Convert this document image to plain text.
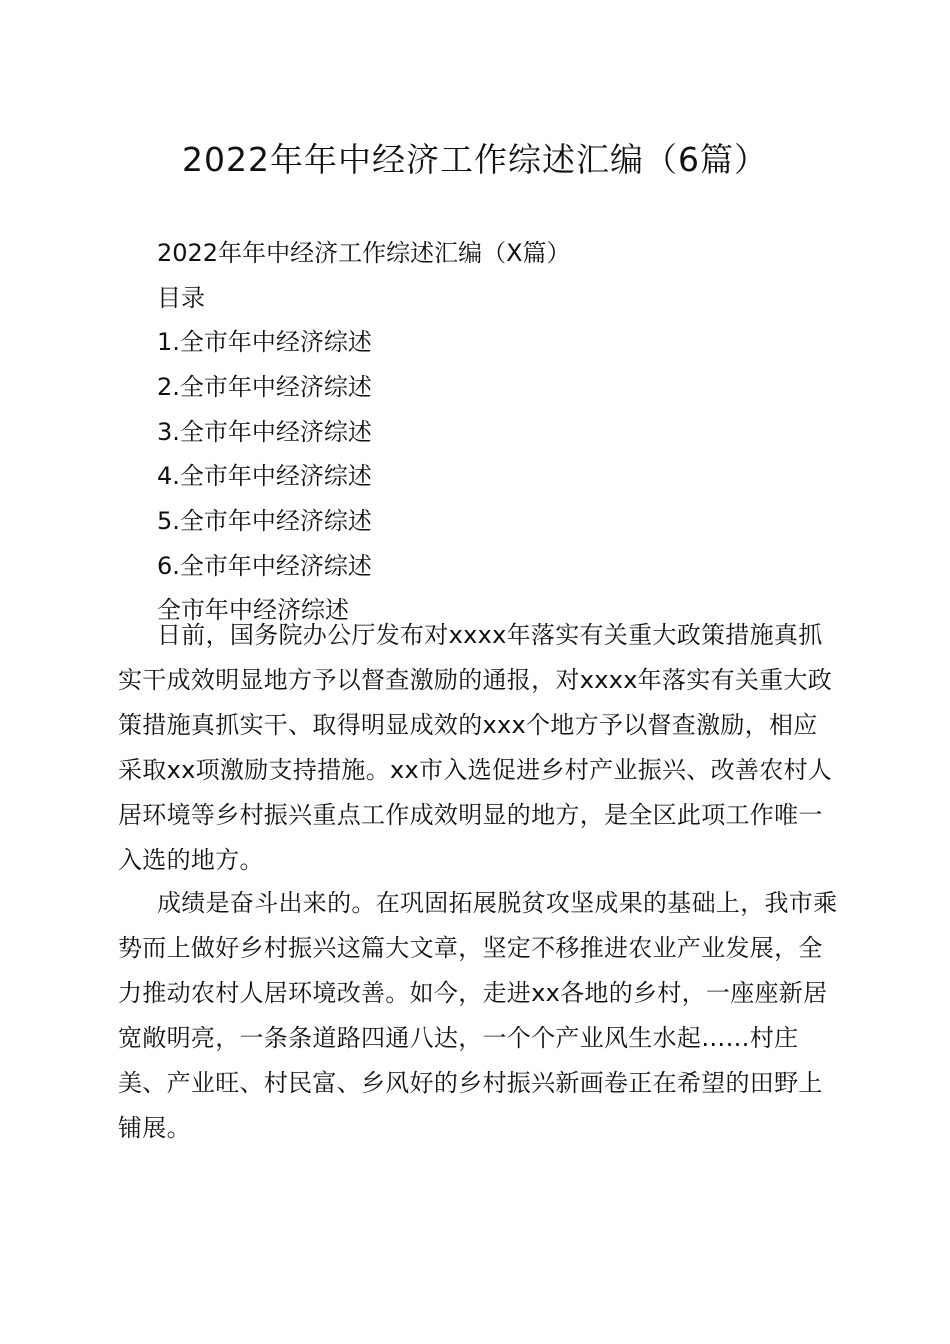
2022年年中经济工作综述汇编（6篇）
2022年年中经济工作综述汇编（X篇）
目录
1.全市年中经济综述
2.全市年中经济综述
3.全市年中经济综述
4.全市年中经济综述
5.全市年中经济综述
6.全市年中经济综述
全市年中经济综述

日前，国务院办公厅发布对xxxx年落实有关重大政策措施真抓实干成效明显地方予以督查激励的通报，对xxxx年落实有关重大政策措施真抓实干、取得明显成效的xxx个地方予以督查激励，相应采取xx项激励支持措施。xx市入选促进乡村产业振兴、改善农村人居环境等乡村振兴重点工作成效明显的地方，是全区此项工作唯一入选的地方。

成绩是奋斗出来的。在巩固拓展脱贫攻坚成果的基础上，我市乘势而上做好乡村振兴这篇大文章，坚定不移推进农业产业发展，全力推动农村人居环境改善。如今，走进xx各地的乡村，一座座新居宽敞明亮，一条条道路四通八达，一个个产业风生水起……村庄美、产业旺、村民富、乡风好的乡村振兴新画卷正在希望的田野上铺展。
